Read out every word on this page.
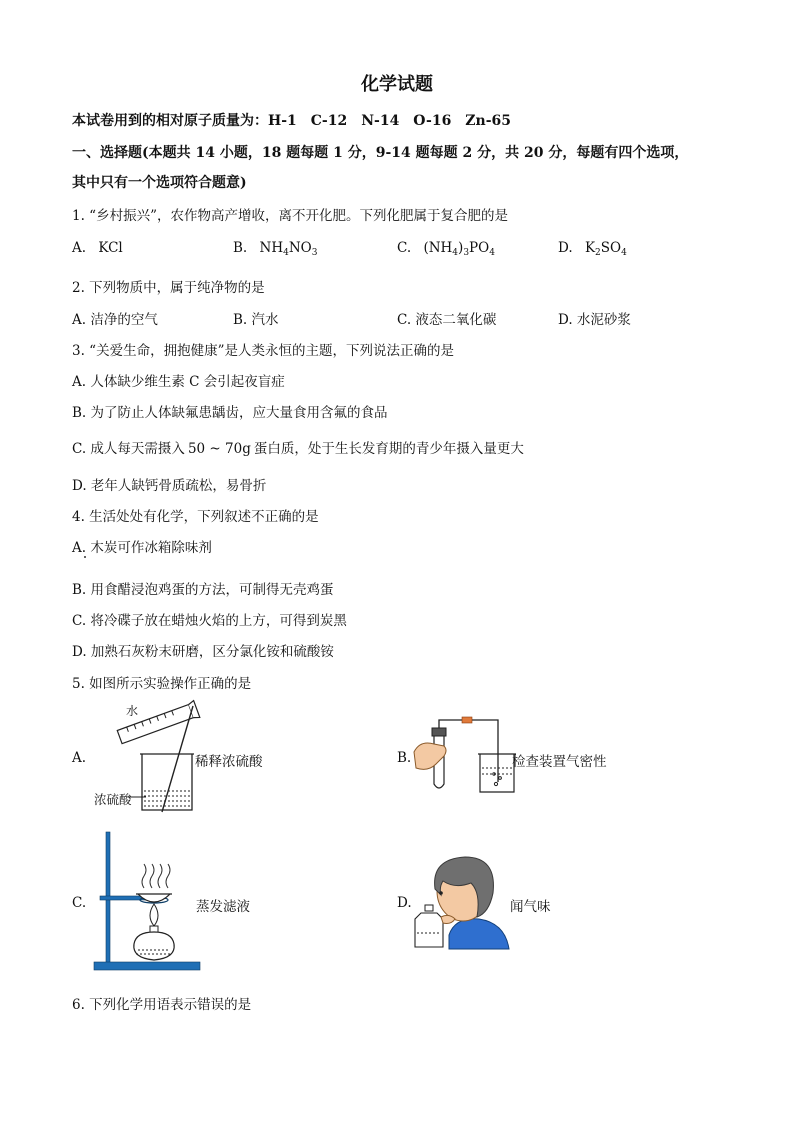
化学试题
本试卷用到的相对原子质量为：H-1　C-12　N-14　O-16　Zn-65
一、选择题(本题共 14 小题，18 题每题 1 分，9-14 题每题 2 分，共 20 分，每题有四个选项，
其中只有一个选项符合题意)
1. “乡村振兴”，农作物高产增收，离不开化肥。下列化肥属于复合肥的是
A. KCl	B. $NH_4NO_3$	C. $(NH_4)_3PO_4$	D. $K_2SO_4$
2. 下列物质中，属于纯净物的是
A. 洁净的空气	B. 汽水	C. 液态二氧化碳	D. 水泥砂浆
3. “关爱生命，拥抱健康”是人类永恒的主题，下列说法正确的是
A. 人体缺少维生素 C 会引起夜盲症
B. 为了防止人体缺氟患龋齿，应大量食用含氟的食品
C. 成人每天需摄入 50 ~ 70g 蛋白质，处于生长发育期的青少年摄入量更大
D. 老年人缺钙骨质疏松，易骨折
4. 生活处处有化学，下列叙述不正确的是
A. 木炭可作冰箱除味剂
B. 用食醋浸泡鸡蛋的方法，可制得无壳鸡蛋
C. 将冷碟子放在蜡烛火焰的上方，可得到炭黑
D. 加熟石灰粉末研磨，区分氯化铵和硫酸铵
5. 如图所示实验操作正确的是
A.
水
浓硫酸
稀释浓硫酸	B.	检查装置气密性
C.	蒸发滤液	D.	闻气味
6. 下列化学用语表示错误的是
